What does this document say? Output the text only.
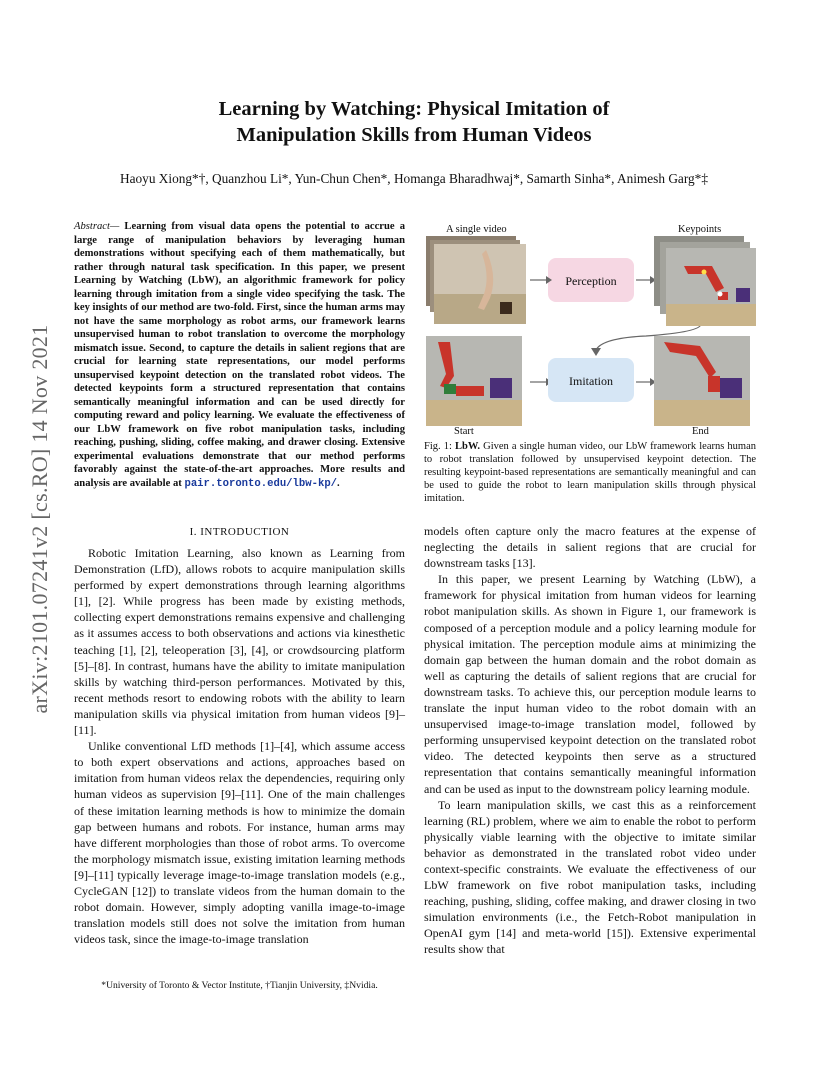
arXiv:2101.07241v2 [cs.RO] 14 Nov 2021
Learning by Watching: Physical Imitation of
Manipulation Skills from Human Videos
Haoyu Xiong*†, Quanzhou Li*, Yun-Chun Chen*, Homanga Bharadhwaj*, Samarth Sinha*, Animesh Garg*‡
Abstract— Learning from visual data opens the potential to accrue a large range of manipulation behaviors by leveraging human demonstrations without specifying each of them mathematically, but rather through natural task specification. In this paper, we present Learning by Watching (LbW), an algorithmic framework for policy learning through imitation from a single video specifying the task. The key insights of our method are two-fold. First, since the human arms may not have the same morphology as robot arms, our framework learns unsupervised human to robot translation to overcome the morphology mismatch issue. Second, to capture the details in salient regions that are crucial for learning state representations, our model performs unsupervised keypoint detection on the translated robot videos. The detected keypoints form a structured representation that contains semantically meaningful information and can be used directly for computing reward and policy learning. We evaluate the effectiveness of our LbW framework on five robot manipulation tasks, including reaching, pushing, sliding, coffee making, and drawer closing. Extensive experimental evaluations demonstrate that our method performs favorably against the state-of-the-art approaches. More results and analysis are available at pair.toronto.edu/lbw-kp/.
I. INTRODUCTION

Robotic Imitation Learning, also known as Learning from Demonstration (LfD), allows robots to acquire manipulation skills performed by expert demonstrations through learning algorithms [1], [2]. While progress has been made by existing methods, collecting expert demonstrations remains expensive and challenging as it assumes access to both observations and actions via kinesthetic teaching [1], [2], teleoperation [3], [4], or crowdsourcing platform [5]–[8]. In contrast, humans have the ability to imitate manipulation skills by watching third-person performances. Motivated by this, recent methods resort to endowing robots with the ability to learn manipulation skills via physical imitation from human videos [9]–[11].

Unlike conventional LfD methods [1]–[4], which assume access to both expert observations and actions, approaches based on imitation from human videos relax the dependencies, requiring only human videos as supervision [9]–[11]. One of the main challenges of these imitation learning methods is how to minimize the domain gap between humans and robots. For instance, human arms may have different morphologies than those of robot arms. To overcome the morphology mismatch issue, existing imitation learning methods [9]–[11] typically leverage image-to-image translation models (e.g., CycleGAN [12]) to translate videos from the human domain to the robot domain. However, simply adopting vanilla image-to-image translation models still does not solve the imitation from human videos task, since the image-to-image translation

*University of Toronto & Vector Institute, †Tianjin University, ‡Nvidia.
A single video	Keypoints
Perception
Start
Imitation
End
Fig. 1: LbW. Given a single human video, our LbW framework learns human to robot translation followed by unsupervised keypoint detection. The resulting keypoint-based representations are semantically meaningful and can be used to guide the robot to learn manipulation skills through physical imitation.

models often capture only the macro features at the expense of neglecting the details in salient regions that are crucial for downstream tasks [13].

In this paper, we present Learning by Watching (LbW), a framework for physical imitation from human videos for learning robot manipulation skills. As shown in Figure 1, our framework is composed of a perception module and a policy learning module for physical imitation. The perception module aims at minimizing the domain gap between the human domain and the robot domain as well as capturing the details of salient regions that are crucial for downstream tasks. To achieve this, our perception module learns to translate the input human video to the robot domain with an unsupervised image-to-image translation model, followed by performing unsupervised keypoint detection on the translated robot video. The detected keypoints then serve as a structured representation that contains semantically meaningful information and can be used as input to the downstream policy learning module.

To learn manipulation skills, we cast this as a reinforcement learning (RL) problem, where we aim to enable the robot to perform physically viable learning with the objective to imitate similar behavior as demonstrated in the translated robot video under context-specific constraints. We evaluate the effectiveness of our LbW framework on five robot manipulation tasks, including reaching, pushing, sliding, coffee making, and drawer closing in two simulation environments (i.e., the Fetch-Robot manipulation in OpenAI gym [14] and meta-world [15]). Extensive experimental results show that
